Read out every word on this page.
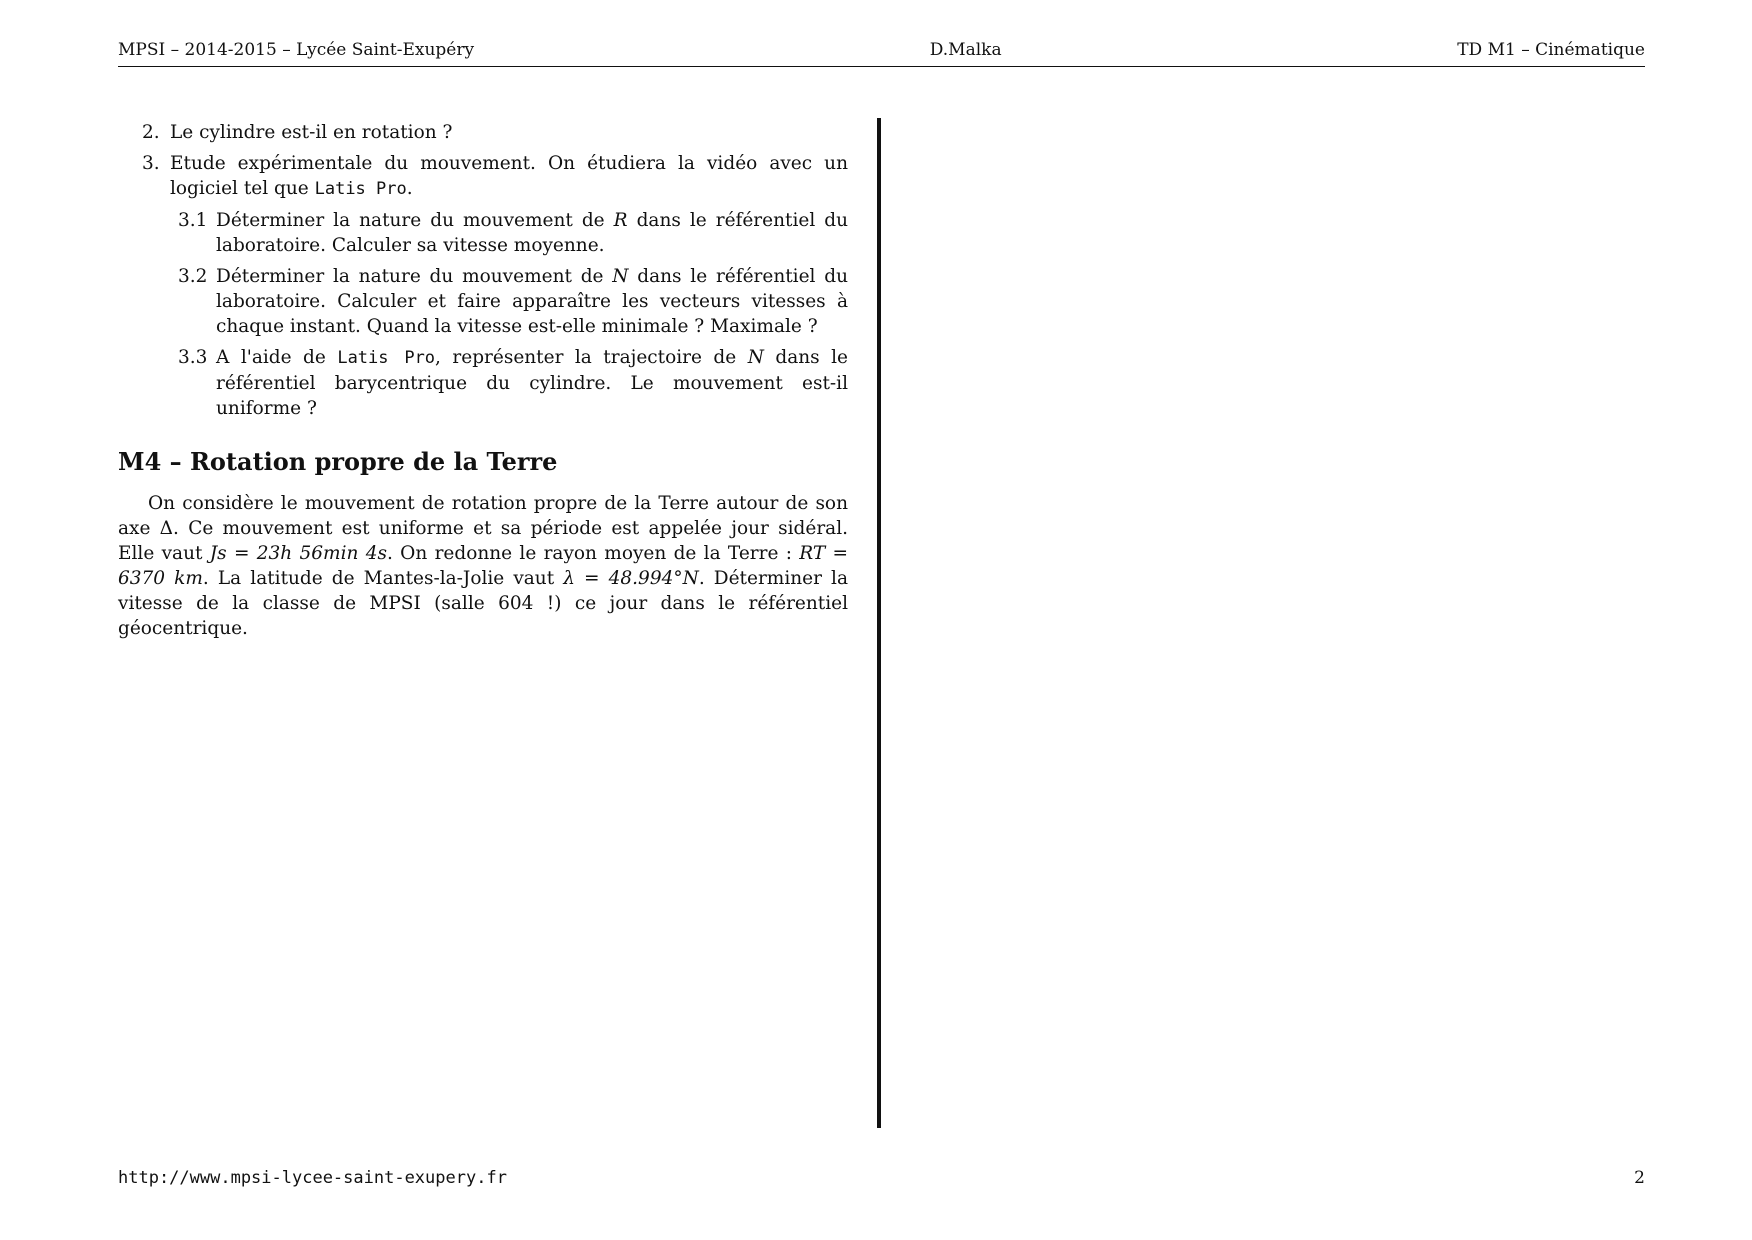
MPSI – 2014-2015 – Lycée Saint-Exupéry	D.Malka	TD M1 – Cinématique
2. Le cylindre est-il en rotation ?
3. Etude expérimentale du mouvement. On étudiera la vidéo avec un logiciel tel que Latis Pro.
3.1 Déterminer la nature du mouvement de R dans le référentiel du laboratoire. Calculer sa vitesse moyenne.
3.2 Déterminer la nature du mouvement de N dans le référentiel du laboratoire. Calculer et faire apparaître les vecteurs vitesses à chaque instant. Quand la vitesse est-elle minimale ? Maximale ?
3.3 A l'aide de Latis Pro, représenter la trajectoire de N dans le référentiel barycentrique du cylindre. Le mouvement est-il uniforme ?
M4 – Rotation propre de la Terre

On considère le mouvement de rotation propre de la Terre autour de son axe Δ. Ce mouvement est uniforme et sa période est appelée jour sidéral. Elle vaut Js = 23h 56min 4s. On redonne le rayon moyen de la Terre : RT = 6370 km. La latitude de Mantes-la-Jolie vaut λ = 48.994°N. Déterminer la vitesse de la classe de MPSI (salle 604 !) ce jour dans le référentiel géocentrique.

http://www.mpsi-lycee-saint-exupery.fr	2
